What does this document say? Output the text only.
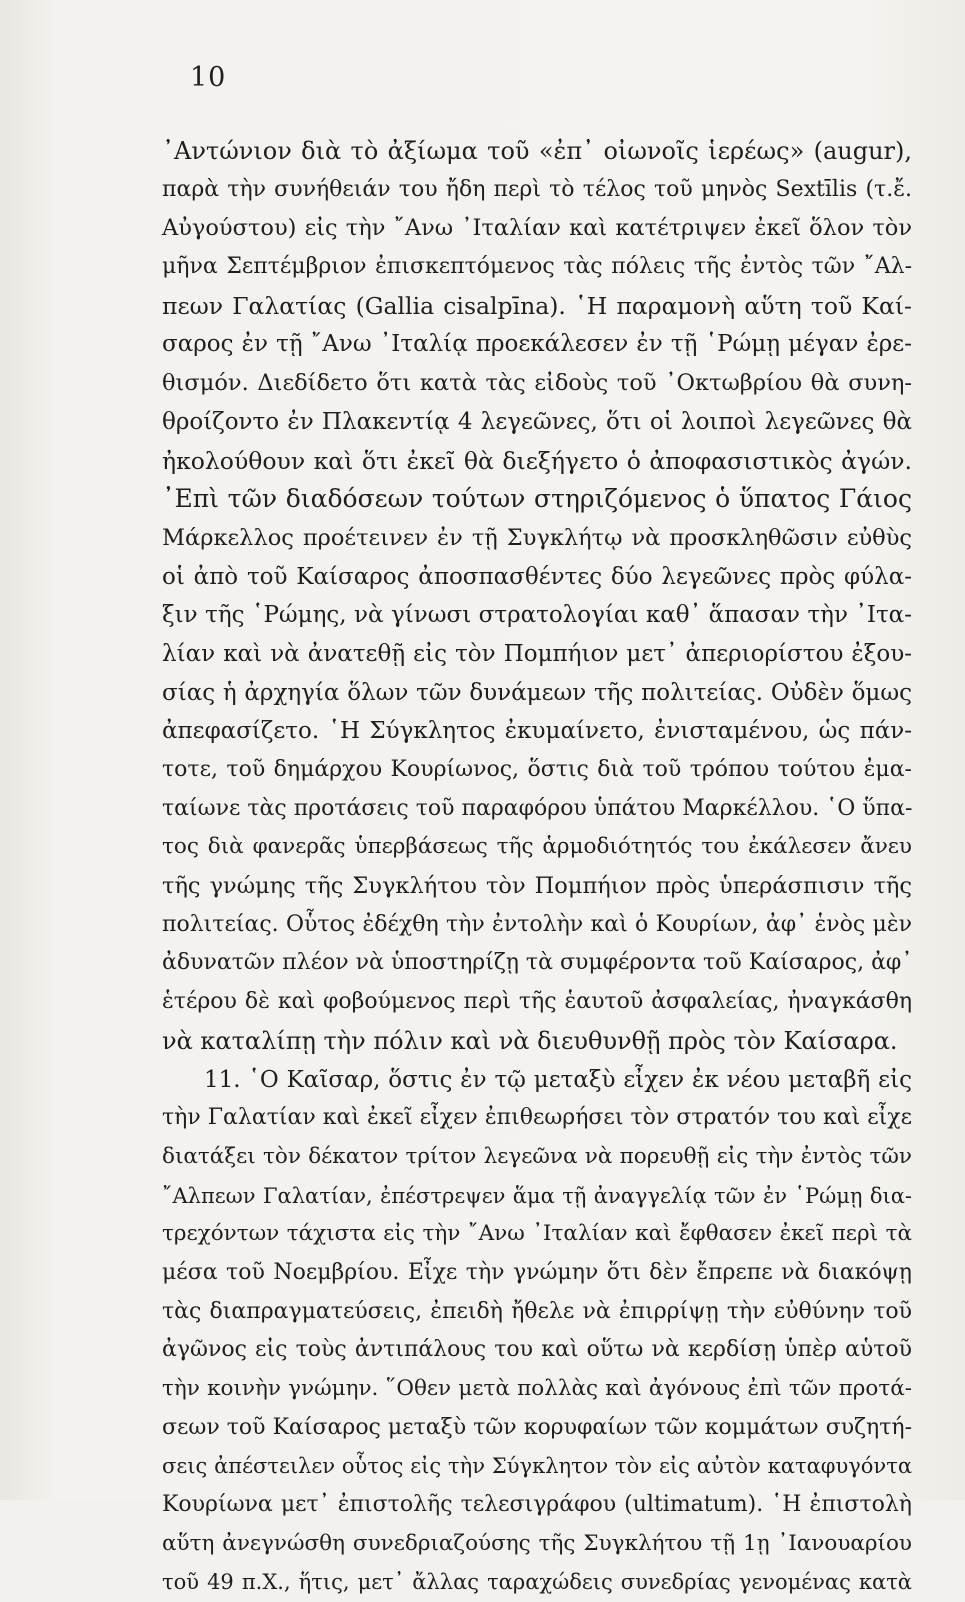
10
᾿Αντώνιον διὰ τὸ ἀξίωμα τοῦ «ἐπ᾽ οἰωνοῖς ἱερέως» (augur),
παρὰ τὴν συνήθειάν του ἤδη περὶ τὸ τέλος τοῦ μηνὸς Sextīlis (τ.ἔ.
Αὐγούστου) εἰς τὴν ῎Ανω ᾿Ιταλίαν καὶ κατέτριψεν ἐκεῖ ὅλον τὸν
μῆνα Σεπτέμβριον ἐπισκεπτόμενος τὰς πόλεις τῆς ἐντὸς τῶν ῎Αλ-
πεων Γαλατίας (Gallia cisalpīna). ῾Η παραμονὴ αὕτη τοῦ Καί-
σαρος ἐν τῇ ῎Ανω ᾿Ιταλίᾳ προεκάλεσεν ἐν τῇ ῾Ρώμῃ μέγαν ἐρε-
θισμόν. Διεδίδετο ὅτι κατὰ τὰς εἰδοὺς τοῦ ᾿Οκτωβρίου θὰ συνη-
θροίζοντο ἐν Πλακεντίᾳ 4 λεγεῶνες, ὅτι οἱ λοιποὶ λεγεῶνες θὰ
ἠκολούθουν καὶ ὅτι ἐκεῖ θὰ διεξήγετο ὁ ἀποφασιστικὸς ἀγών.
᾿Επὶ τῶν διαδόσεων τούτων στηριζόμενος ὁ ὕπατος Γάιος
Μάρκελλος προέτεινεν ἐν τῇ Συγκλήτῳ νὰ προσκληθῶσιν εὐθὺς
οἱ ἀπὸ τοῦ Καίσαρος ἀποσπασθέντες δύο λεγεῶνες πρὸς φύλα-
ξιν τῆς ῾Ρώμης, νὰ γίνωσι στρατολογίαι καθ᾽ ἅπασαν τὴν ᾿Ιτα-
λίαν καὶ νὰ ἀνατεθῇ εἰς τὸν Πομπήιον μετ᾽ ἀπεριορίστου ἐξου-
σίας ἡ ἀρχηγία ὅλων τῶν δυνάμεων τῆς πολιτείας. Οὐδὲν ὅμως
ἀπεφασίζετο. ῾Η Σύγκλητος ἐκυμαίνετο, ἐνισταμένου, ὡς πάν-
τοτε, τοῦ δημάρχου Κουρίωνος, ὅστις διὰ τοῦ τρόπου τούτου ἐμα-
ταίωνε τὰς προτάσεις τοῦ παραφόρου ὑπάτου Μαρκέλλου. ῾Ο ὕπα-
τος διὰ φανερᾶς ὑπερβάσεως τῆς ἁρμοδιότητός του ἐκάλεσεν ἄνευ
τῆς γνώμης τῆς Συγκλήτου τὸν Πομπήιον πρὸς ὑπεράσπισιν τῆς
πολιτείας. Οὗτος ἐδέχθη τὴν ἐντολὴν καὶ ὁ Κουρίων, ἀφ᾽ ἑνὸς μὲν
ἀδυνατῶν πλέον νὰ ὑποστηρίζῃ τὰ συμφέροντα τοῦ Καίσαρος, ἀφ᾽
ἑτέρου δὲ καὶ φοβούμενος περὶ τῆς ἑαυτοῦ ἀσφαλείας, ἠναγκάσθη
νὰ καταλίπῃ τὴν πόλιν καὶ νὰ διευθυνθῇ πρὸς τὸν Καίσαρα.
11. ῾Ο Καῖσαρ, ὅστις ἐν τῷ μεταξὺ εἶχεν ἐκ νέου μεταβῆ εἰς
τὴν Γαλατίαν καὶ ἐκεῖ εἶχεν ἐπιθεωρήσει τὸν στρατόν του καὶ εἶχε
διατάξει τὸν δέκατον τρίτον λεγεῶνα νὰ πορευθῇ εἰς τὴν ἐντὸς τῶν
῎Αλπεων Γαλατίαν, ἐπέστρεψεν ἅμα τῇ ἀναγγελίᾳ τῶν ἐν ῾Ρώμῃ δια-
τρεχόντων τάχιστα εἰς τὴν ῎Ανω ᾿Ιταλίαν καὶ ἔφθασεν ἐκεῖ περὶ τὰ
μέσα τοῦ Νοεμβρίου. Εἶχε τὴν γνώμην ὅτι δὲν ἔπρεπε νὰ διακόψῃ
τὰς διαπραγματεύσεις, ἐπειδὴ ἤθελε νὰ ἐπιρρίψῃ τὴν εὐθύνην τοῦ
ἀγῶνος εἰς τοὺς ἀντιπάλους του καὶ οὕτω νὰ κερδίσῃ ὑπὲρ αὑτοῦ
τὴν κοινὴν γνώμην. ῞Οθεν μετὰ πολλὰς καὶ ἀγόνους ἐπὶ τῶν προτά-
σεων τοῦ Καίσαρος μεταξὺ τῶν κορυφαίων τῶν κομμάτων συζητή-
σεις ἀπέστειλεν οὗτος εἰς τὴν Σύγκλητον τὸν εἰς αὐτὸν καταφυγόντα
Κουρίωνα μετ᾽ ἐπιστολῆς τελεσιγράφου (ultimatum). ῾Η ἐπιστολὴ
αὕτη ἀνεγνώσθη συνεδριαζούσης τῆς Συγκλήτου τῇ 1ῃ ᾿Ιανουαρίου
τοῦ 49 π.Χ., ἥτις, μετ᾽ ἄλλας ταραχώδεις συνεδρίας γενομένας κατὰ
